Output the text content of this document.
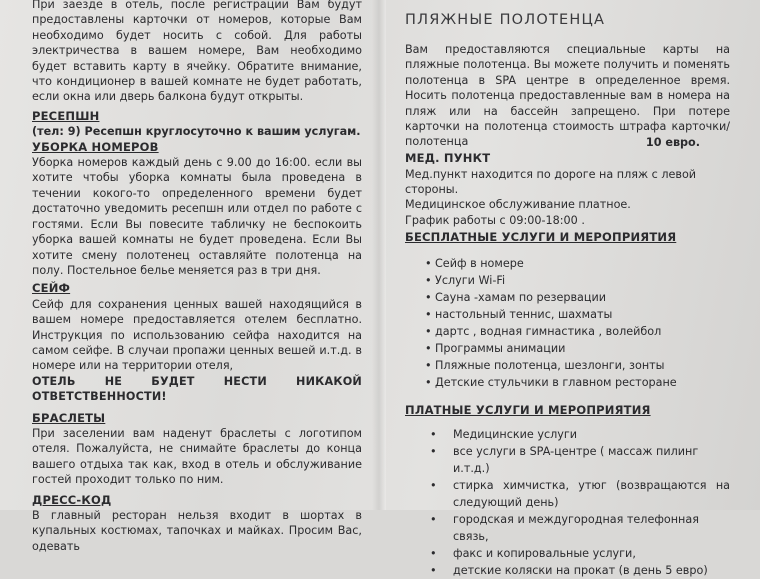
При заезде в отель, после регистрации Вам будут предоставлены карточки от номеров, которые Вам необходимо будет носить с собой. Для работы электричества в вашем номере, Вам необходимо будет вставить карту в ячейку. Обратите внимание, что кондиционер в вашей комнате не будет работать, если окна или дверь балкона будут открыты.

РЕСЕПШН

(тел: 9) Ресепшн круглосуточно к вашим услугам.

УБОРКА НОМЕРОВ

Уборка номеров каждый день с 9.00 до 16:00. если вы хотите чтобы уборка комнаты была проведена в течении кокого-то определенного времени будет достаточно уведомить ресепшн или отдел по работе с гостями. Если Вы повесите табличку не беспокоить уборка вашей комнаты не будет проведена. Если Вы хотите смену полотенец оставляйте полотенца на полу. Постельное белье меняется раз в три дня.

СЕЙФ

Сейф для сохранения ценных вашей находящийся в вашем номере предоставляется отелем бесплатно. Инструкция по использованию сейфа находится на самом сейфе. В случаи пропажи ценных вешей и.т.д. в номере или на территории отеля,

ОТЕЛЬ НЕ БУДЕТ НЕСТИ НИКАКОЙ ОТВЕТСТВЕННОСТИ!

БРАСЛЕТЫ

При заселении вам наденут браслеты с логотипом отеля. Пожалуйста, не снимайте браслеты до конца вашего отдыха так как, вход в отель и обслуживание гостей проходит только по ним.

ДРЕСС-КОД

В главный ресторан нельзя входит в шортах в купальных костюмах, тапочках и майках. Просим Вас, одевать

ПЛЯЖНЫЕ ПОЛОТЕНЦА

Вам предоставляются специальные карты на пляжные полотенца. Вы можете получить и поменять полотенца в SPA центре в определенное время. Носить полотенца предоставленные вам в номера на пляж или на бассейн запрещено. При потере карточки на полотенца стоимость штрафа карточки/полотенца	10 евро.

МЕД. ПУНКТ

Мед.пункт находится по дороге на пляж с левой стороны.

Медицинское обслуживание платное.

График работы с 09:00-18:00 .

БЕСПЛАТНЫЕ УСЛУГИ И МЕРОПРИЯТИЯ
• Сейф в номере
• Услуги Wi-Fi
• Сауна -хамам по резервации
• настольный теннис, шахматы
• дартс , водная гимнастика , волейбол
• Программы анимации
• Пляжные полотенца, шезлонги, зонты
• Детские стульчики в главном ресторане
ПЛАТНЫЕ УСЛУГИ И МЕРОПРИЯТИЯ
• Медицинские услуги
• все услуги в SPA-центре ( массаж пилинг и.т.д.)
• стирка химчистка, утюг (возвращаются на следующий день)
• городская и междугородная телефонная связь,
• факс и копировальные услуги,
• детские коляски на прокат (в день 5 евро)
